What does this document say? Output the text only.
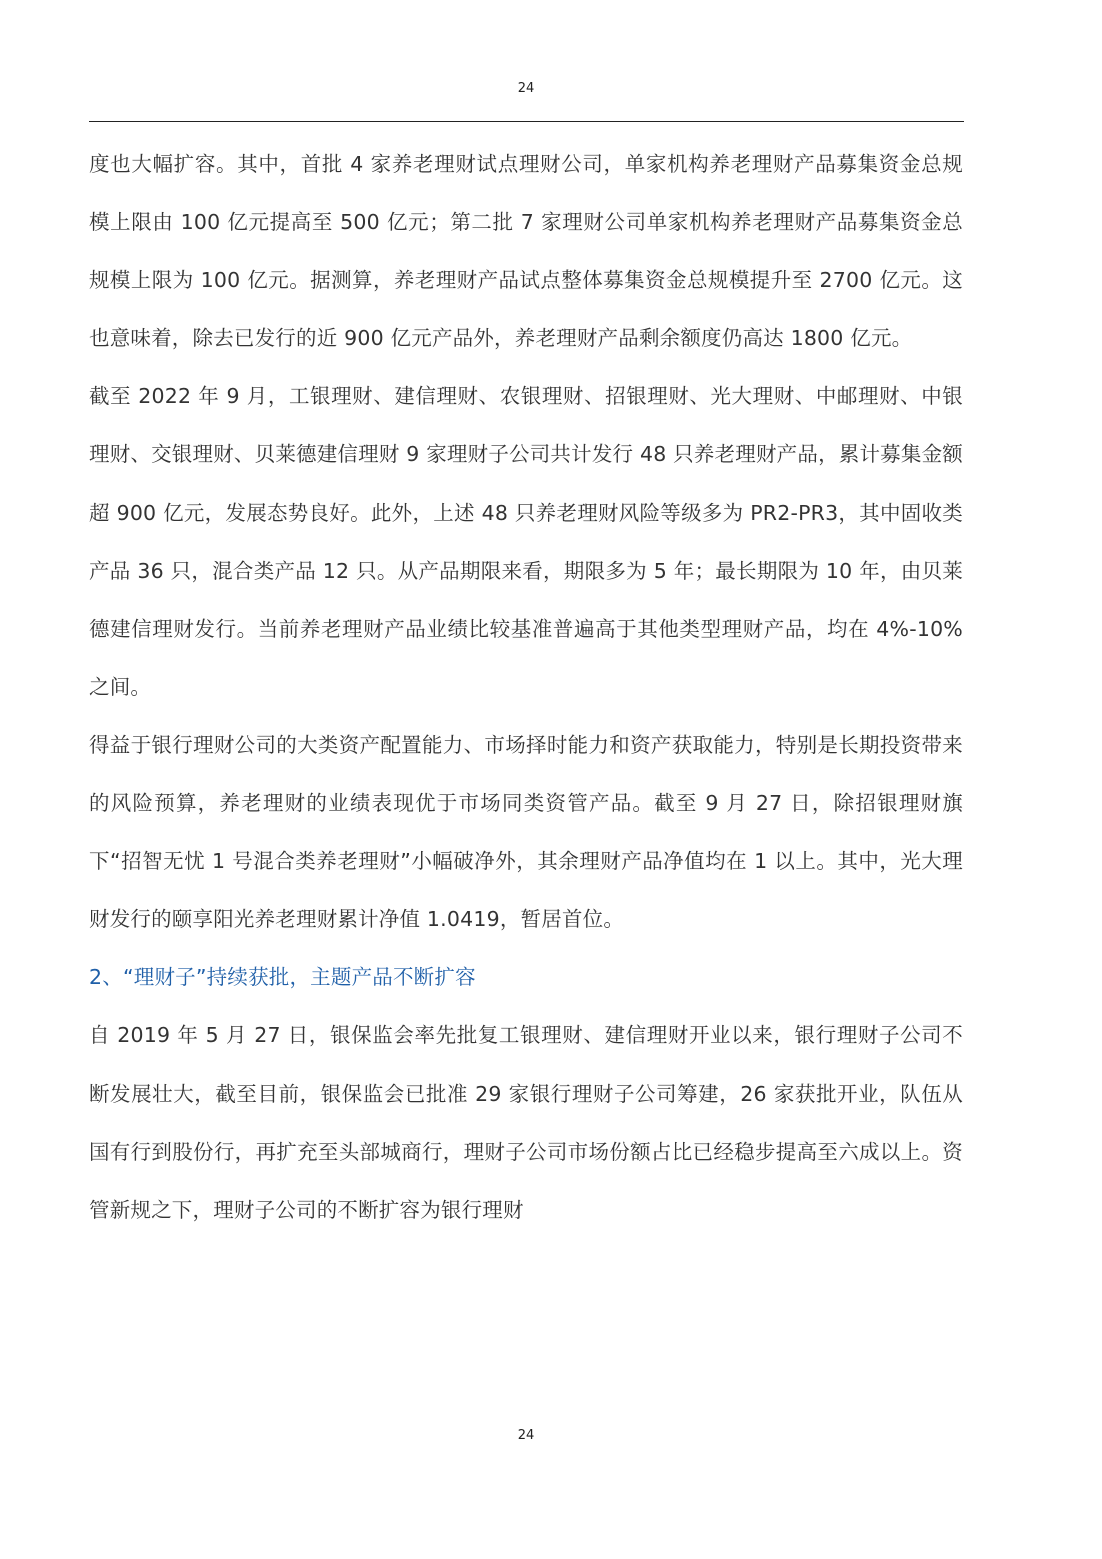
24

度也大幅扩容。其中，首批 4 家养老理财试点理财公司，单家机构养老理财产品募集资金总规模上限由 100 亿元提高至 500 亿元；第二批 7 家理财公司单家机构养老理财产品募集资金总规模上限为 100 亿元。据测算，养老理财产品试点整体募集资金总规模提升至 2700 亿元。这也意味着，除去已发行的近 900 亿元产品外，养老理财产品剩余额度仍高达 1800 亿元。

截至 2022 年 9 月，工银理财、建信理财、农银理财、招银理财、光大理财、中邮理财、中银理财、交银理财、贝莱德建信理财 9 家理财子公司共计发行 48 只养老理财产品，累计募集金额超 900 亿元，发展态势良好。此外，上述 48 只养老理财风险等级多为 PR2-PR3，其中固收类产品 36 只，混合类产品 12 只。从产品期限来看，期限多为 5 年；最长期限为 10 年，由贝莱德建信理财发行。当前养老理财产品业绩比较基准普遍高于其他类型理财产品，均在 4%-10%之间。

得益于银行理财公司的大类资产配置能力、市场择时能力和资产获取能力，特别是长期投资带来的风险预算，养老理财的业绩表现优于市场同类资管产品。截至 9 月 27 日，除招银理财旗下“招智无忧 1 号混合类养老理财”小幅破净外，其余理财产品净值均在 1 以上。其中，光大理财发行的颐享阳光养老理财累计净值 1.0419，暂居首位。

2、“理财子”持续获批，主题产品不断扩容

自 2019 年 5 月 27 日，银保监会率先批复工银理财、建信理财开业以来，银行理财子公司不断发展壮大，截至目前，银保监会已批准 29 家银行理财子公司筹建，26 家获批开业，队伍从国有行到股份行，再扩充至头部城商行，理财子公司市场份额占比已经稳步提高至六成以上。资管新规之下，理财子公司的不断扩容为银行理财

24
